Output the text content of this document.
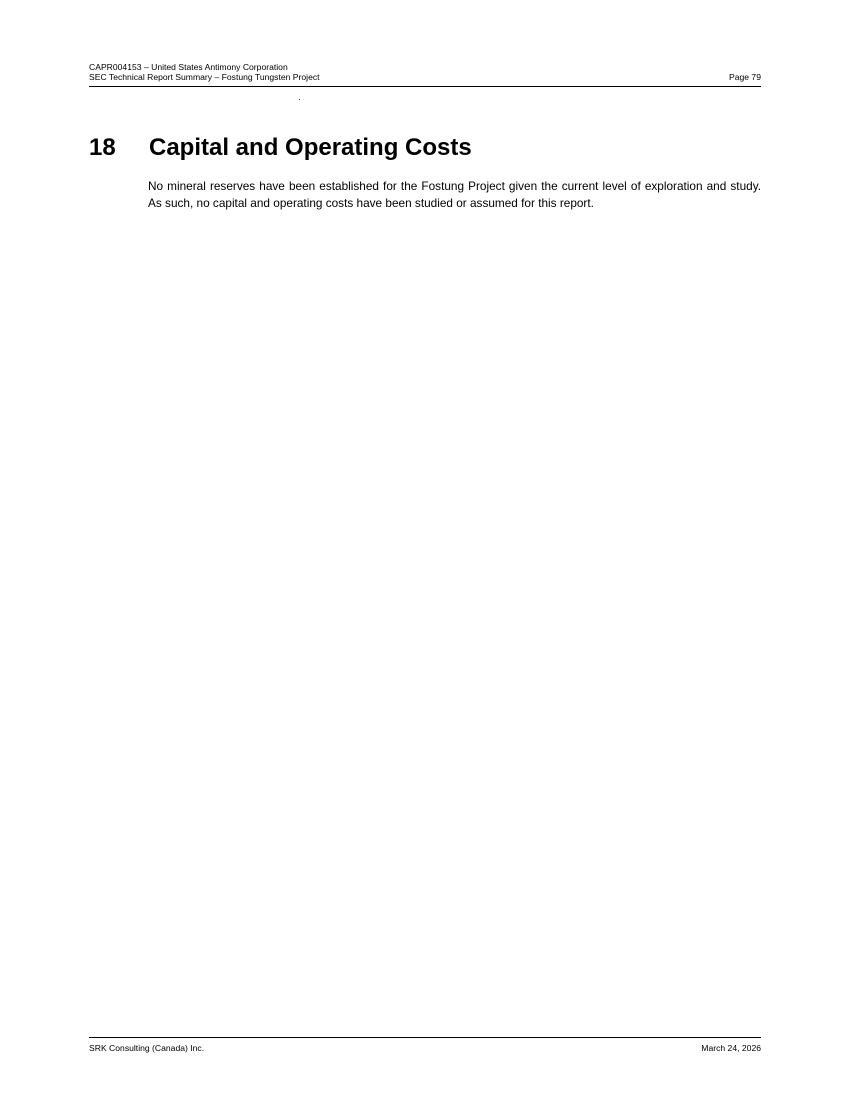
CAPR004153 – United States Antimony Corporation
SEC Technical Report Summary – Fostung Tungsten Project	Page 79
18 Capital and Operating Costs

No mineral reserves have been established for the Fostung Project given the current level of exploration and study. As such, no capital and operating costs have been studied or assumed for this report.

SRK Consulting (Canada) Inc.	March 24, 2026
